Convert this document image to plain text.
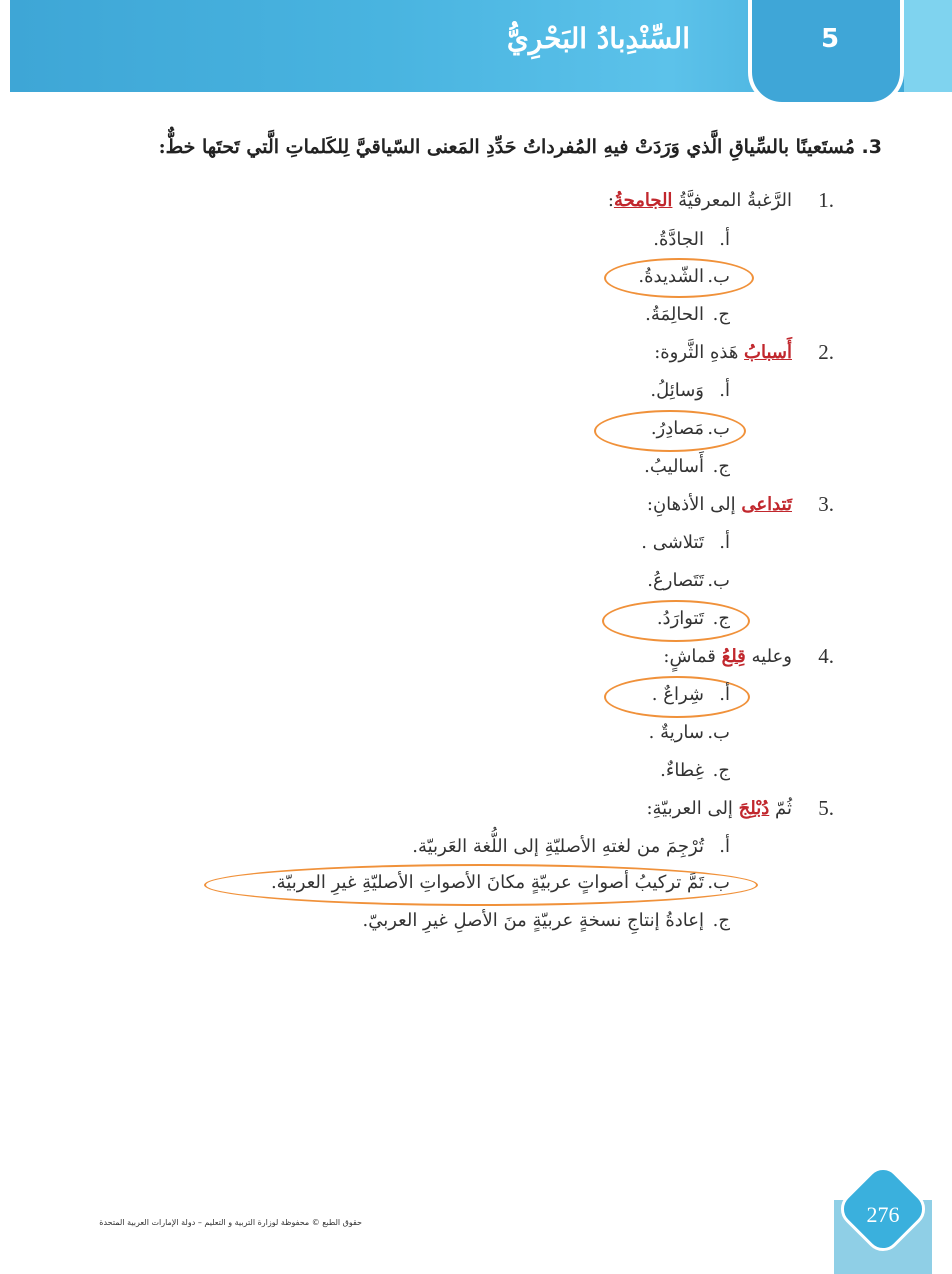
5
السِّنْدِبادُ البَحْرِيُّ
3. مُستَعينًا بالسِّياقِ الَّذي وَرَدَتْ فيهِ المُفرداتُ حَدِّدِ المَعنى السّياقيَّ لِلكَلماتِ الَّتي تَحتَها خطٌّ:
1.
الرَّغبةُ المعرفيَّةُ الجامحةُ:
أ.الجادَّةُ.
ب.الشّديدةُ.
ج.الحالِمَةُ.
2.
أَسبابُ هَذهِ الثَّروة:
أ.وَسائِلُ.
ب.مَصادِرُ.
ج.أَساليبُ.
3.
تَتداعى إلى الأذهانِ:
أ.تَتلاشى .
ب.تَتَصارعُ.
ج.تَتوارَدُ.
4.
وعليه قِلعُ قماشٍ:
أ.شِراعٌ .
ب.ساريةٌ .
ج.غِطاءٌ.
5.
ثُمّ دُبْلِجَ إلى العربيّةِ:
أ.تُرْجِمَ من لغتهِ الأصليّةِ إلى اللُّغة العَربيّة.
ب.تَمَّ تركيبُ أصواتٍ عربيّةٍ مكانَ الأصواتِ الأصليّةِ غيرِ العربيّة.
ج.إعادةُ إنتاجِ نسخةٍ عربيّةٍ منَ الأصلِ غيرِ العربيّ.
حقوق الطبع © محفوظة لوزارة التربية و التعليم – دولة الإمارات العربية المتحدة	276
